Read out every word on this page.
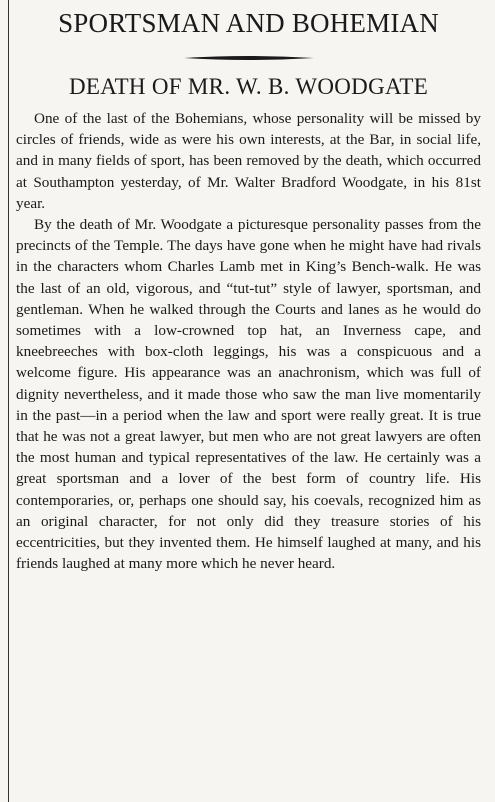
SPORTSMAN AND BOHEMIAN
DEATH OF MR. W. B. WOODGATE

One of the last of the Bohemians, whose personality will be missed by circles of friends, wide as were his own interests, at the Bar, in social life, and in many fields of sport, has been removed by the death, which occurred at Southampton yesterday, of Mr. Walter Bradford Woodgate, in his 81st year.

By the death of Mr. Woodgate a picturesque personality passes from the precincts of the Temple. The days have gone when he might have had rivals in the characters whom Charles Lamb met in King’s Bench-walk. He was the last of an old, vigorous, and “tut-tut” style of lawyer, sportsman, and gentleman. When he walked through the Courts and lanes as he would do sometimes with a low-crowned top hat, an Inverness cape, and kneebreeches with box-cloth leggings, his was a conspicuous and a welcome figure. His appearance was an anachronism, which was full of dignity nevertheless, and it made those who saw the man live momentarily in the past—in a period when the law and sport were really great. It is true that he was not a great lawyer, but men who are not great lawyers are often the most human and typical representatives of the law. He certainly was a great sportsman and a lover of the best form of country life. His contemporaries, or, perhaps one should say, his coevals, recognized him as an original character, for not only did they treasure stories of his eccentricities, but they invented them. He himself laughed at many, and his friends laughed at many more which he never heard.
